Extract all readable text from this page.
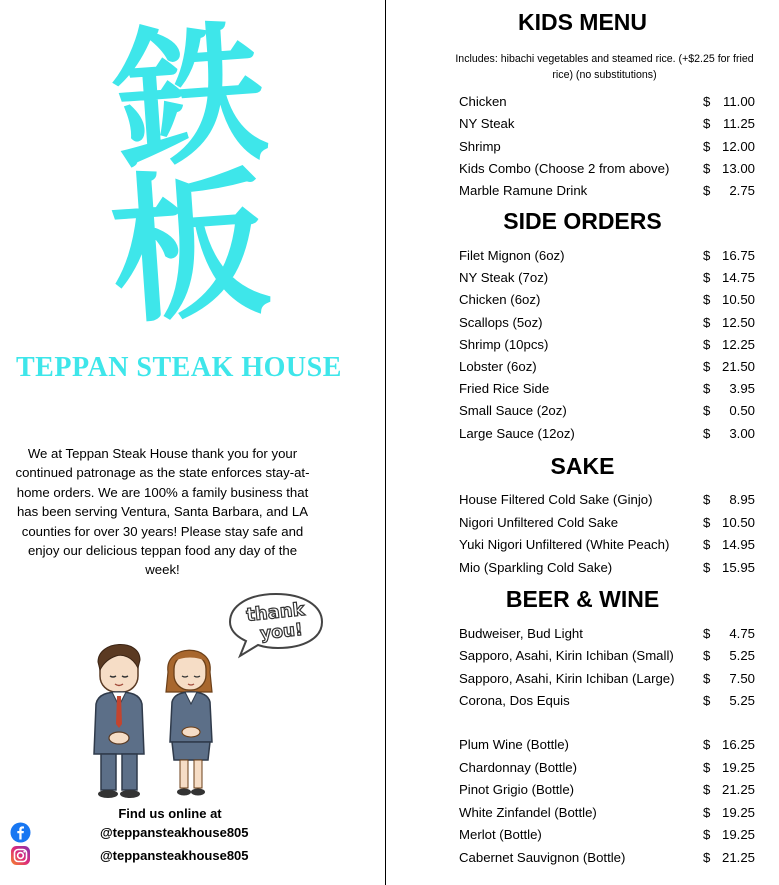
鉄
板
TEPPAN STEAK HOUSE
We at Teppan Steak House thank you for your continued patronage as the state enforces stay-at-home orders. We are 100% a family business that has been serving Ventura, Santa Barbara, and LA counties for over 30 years! Please stay safe and enjoy our delicious teppan food any day of the week!
thank
you!
Find us online at
@teppansteakhouse805
@teppansteakhouse805
KIDS MENU
Includes: hibachi vegetables and steamed rice. (+$2.25 for fried rice) (no substitutions)
Chicken	$ 11.00
NY Steak	$ 11.25
Shrimp	$ 12.00
Kids Combo (Choose 2 from above)	$ 13.00
Marble Ramune Drink	$ 2.75
SIDE ORDERS
Filet Mignon (6oz)	$ 16.75
NY Steak (7oz)	$ 14.75
Chicken (6oz)	$ 10.50
Scallops (5oz)	$ 12.50
Shrimp (10pcs)	$ 12.25
Lobster (6oz)	$ 21.50
Fried Rice Side	$ 3.95
Small Sauce (2oz)	$ 0.50
Large Sauce (12oz)	$ 3.00
SAKE
House Filtered Cold Sake (Ginjo)	$ 8.95
Nigori Unfiltered Cold Sake	$ 10.50
Yuki Nigori Unfiltered (White Peach)	$ 14.95
Mio (Sparkling Cold Sake)	$ 15.95
BEER & WINE
Budweiser, Bud Light	$ 4.75
Sapporo, Asahi, Kirin Ichiban (Small) $ 5.25
Sapporo, Asahi, Kirin Ichiban (Large) $ 7.50
Corona, Dos Equis	$ 5.25
Plum Wine (Bottle)	$ 16.25
Chardonnay (Bottle)	$ 19.25
Pinot Grigio (Bottle)	$ 21.25
White Zinfandel (Bottle)	$ 19.25
Merlot (Bottle)	$ 19.25
Cabernet Sauvignon (Bottle)	$ 21.25
